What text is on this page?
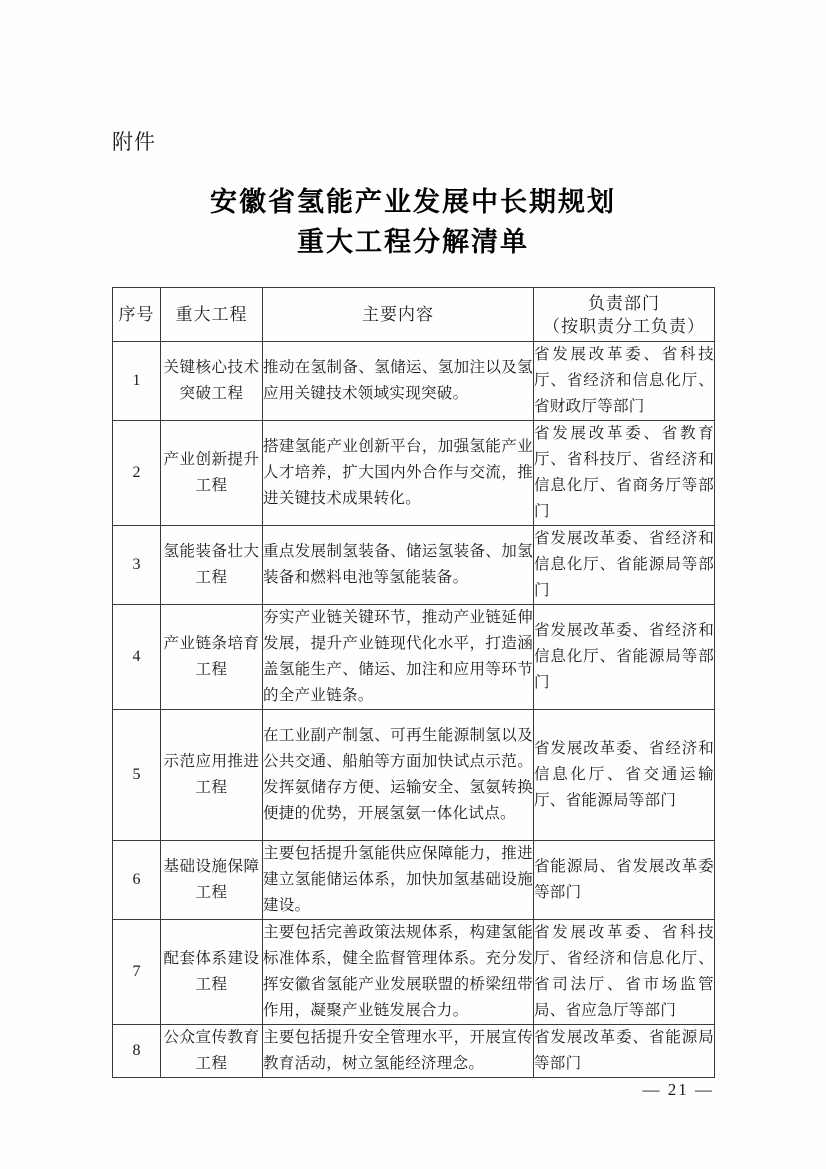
附件
安徽省氢能产业发展中长期规划
重大工程分解清单
序号	重大工程	主要内容	负责部门
（按职责分工负责）

1	关键核心技术突破工程	推动在氢制备、氢储运、氢加注以及氢应用关键技术领域实现突破。	省发展改革委、省科技厅、省经济和信息化厅、省财政厅等部门
2	产业创新提升工程	搭建氢能产业创新平台，加强氢能产业人才培养，扩大国内外合作与交流，推进关键技术成果转化。	省发展改革委、省教育厅、省科技厅、省经济和信息化厅、省商务厅等部门
3	氢能装备壮大工程	重点发展制氢装备、储运氢装备、加氢装备和燃料电池等氢能装备。	省发展改革委、省经济和信息化厅、省能源局等部门
4	产业链条培育工程	夯实产业链关键环节，推动产业链延伸发展，提升产业链现代化水平，打造涵盖氢能生产、储运、加注和应用等环节的全产业链条。	省发展改革委、省经济和信息化厅、省能源局等部门
5	示范应用推进工程	在工业副产制氢、可再生能源制氢以及公共交通、船舶等方面加快试点示范。发挥氨储存方便、运输安全、氢氨转换便捷的优势，开展氢氨一体化试点。	省发展改革委、省经济和信息化厅、省交通运输厅、省能源局等部门
6	基础设施保障工程	主要包括提升氢能供应保障能力，推进建立氢能储运体系，加快加氢基础设施建设。	省能源局、省发展改革委等部门
7	配套体系建设工程	主要包括完善政策法规体系，构建氢能标准体系，健全监督管理体系。充分发挥安徽省氢能产业发展联盟的桥梁纽带作用，凝聚产业链发展合力。	省发展改革委、省科技厅、省经济和信息化厅、省司法厅、省市场监管局、省应急厅等部门
8	公众宣传教育工程	主要包括提升安全管理水平，开展宣传教育活动，树立氢能经济理念。	省发展改革委、省能源局等部门
— 21 —
